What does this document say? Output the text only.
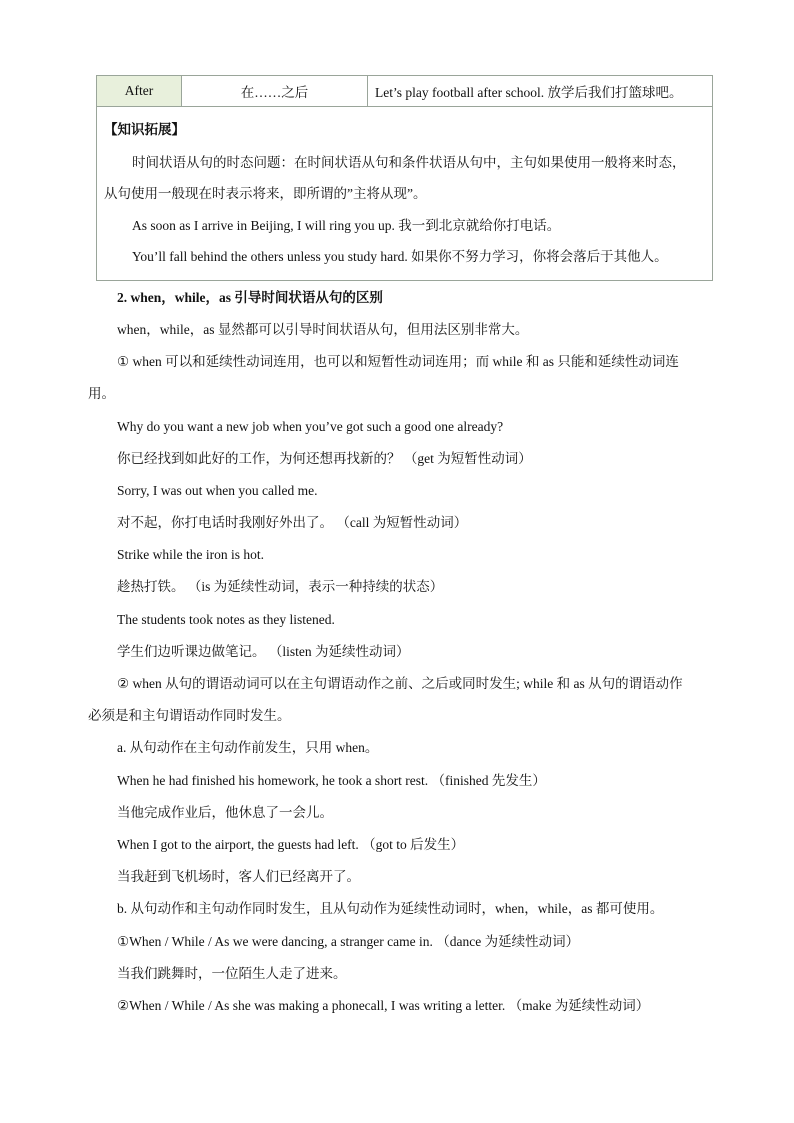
After	在……之后	Let’s play football after school. 放学后我们打篮球吧。
【知识拓展】
时间状语从句的时态问题：在时间状语从句和条件状语从句中，主句如果使用一般将来时态，
从句使用一般现在时表示将来，即所谓的”主将从现”。
As soon as I arrive in Beijing, I will ring you up. 我一到北京就给你打电话。
You’ll fall behind the others unless you study hard. 如果你不努力学习，你将会落后于其他人。
2. when，while，as 引导时间状语从句的区别
when，while，as 显然都可以引导时间状语从句，但用法区别非常大。
① when 可以和延续性动词连用，也可以和短暂性动词连用；而 while 和 as 只能和延续性动词连
用。
Why do you want a new job when you’ve got such a good one already?
你已经找到如此好的工作，为何还想再找新的？ （get 为短暂性动词）
Sorry, I was out when you called me.
对不起，你打电话时我刚好外出了。 （call 为短暂性动词）
Strike while the iron is hot.
趁热打铁。 （is 为延续性动词，表示一种持续的状态）
The students took notes as they listened.
学生们边听课边做笔记。 （listen 为延续性动词）
② when 从句的谓语动词可以在主句谓语动作之前、之后或同时发生; while 和 as 从句的谓语动作
必须是和主句谓语动作同时发生。
a. 从句动作在主句动作前发生，只用 when。
When he had finished his homework, he took a short rest. （finished 先发生）
当他完成作业后，他休息了一会儿。
When I got to the airport, the guests had left. （got to 后发生）
当我赶到飞机场时，客人们已经离开了。
b. 从句动作和主句动作同时发生，且从句动作为延续性动词时，when，while，as 都可使用。
①When / While / As we were dancing, a stranger came in. （dance 为延续性动词）
当我们跳舞时，一位陌生人走了进来。
②When / While / As she was making a phonecall, I was writing a letter. （make 为延续性动词）
